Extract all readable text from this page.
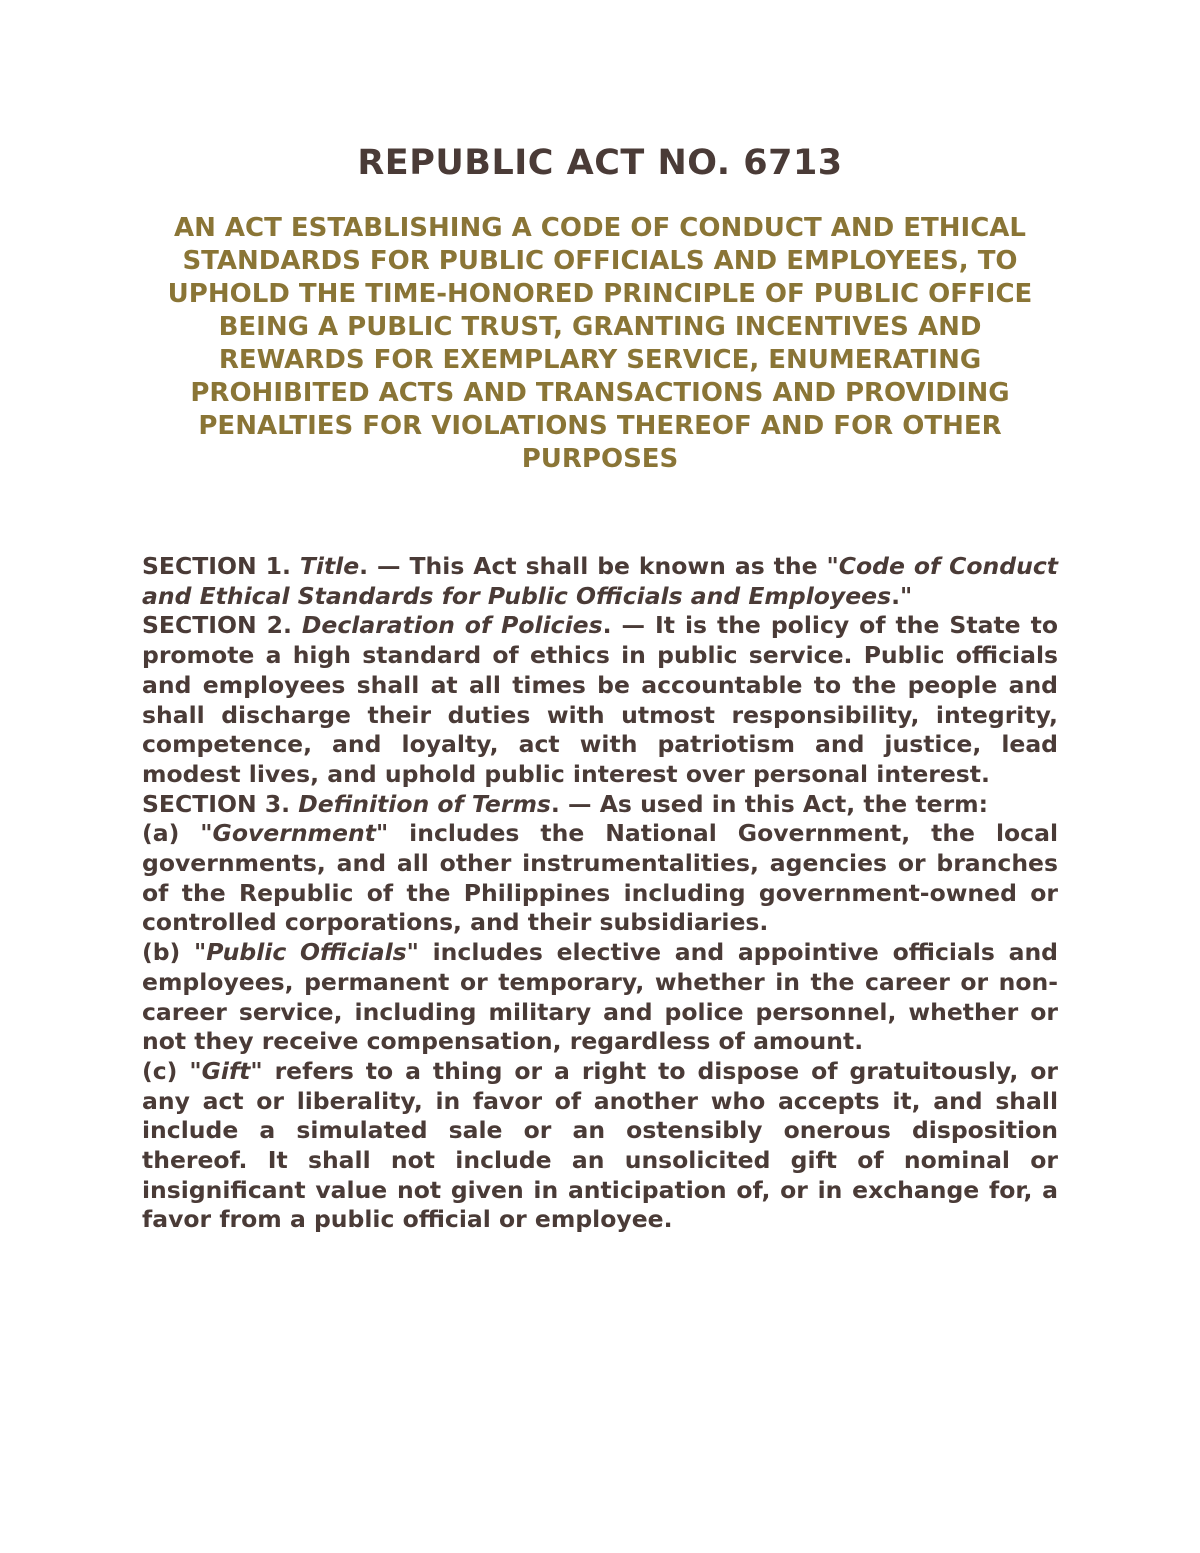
REPUBLIC ACT NO. 6713
AN ACT ESTABLISHING A CODE OF CONDUCT AND ETHICAL STANDARDS FOR PUBLIC OFFICIALS AND EMPLOYEES, TO UPHOLD THE TIME-HONORED PRINCIPLE OF PUBLIC OFFICE BEING A PUBLIC TRUST, GRANTING INCENTIVES AND REWARDS FOR EXEMPLARY SERVICE, ENUMERATING PROHIBITED ACTS AND TRANSACTIONS AND PROVIDING PENALTIES FOR VIOLATIONS THEREOF AND FOR OTHER PURPOSES

SECTION 1. Title. — This Act shall be known as the "Code of Conduct and Ethical Standards for Public Officials and Employees."

SECTION 2. Declaration of Policies. — It is the policy of the State to promote a high standard of ethics in public service. Public officials and employees shall at all times be accountable to the people and shall discharge their duties with utmost responsibility, integrity, competence, and loyalty, act with patriotism and justice, lead modest lives, and uphold public interest over personal interest.

SECTION 3. Definition of Terms. — As used in this Act, the term:

(a) "Government" includes the National Government, the local governments, and all other instrumentalities, agencies or branches of the Republic of the Philippines including government-owned or controlled corporations, and their subsidiaries.

(b) "Public Officials" includes elective and appointive officials and employees, permanent or temporary, whether in the career or non-career service, including military and police personnel, whether or not they receive compensation, regardless of amount.

(c) "Gift" refers to a thing or a right to dispose of gratuitously, or any act or liberality, in favor of another who accepts it, and shall include a simulated sale or an ostensibly onerous disposition thereof. It shall not include an unsolicited gift of nominal or insignificant value not given in anticipation of, or in exchange for, a favor from a public official or employee.
